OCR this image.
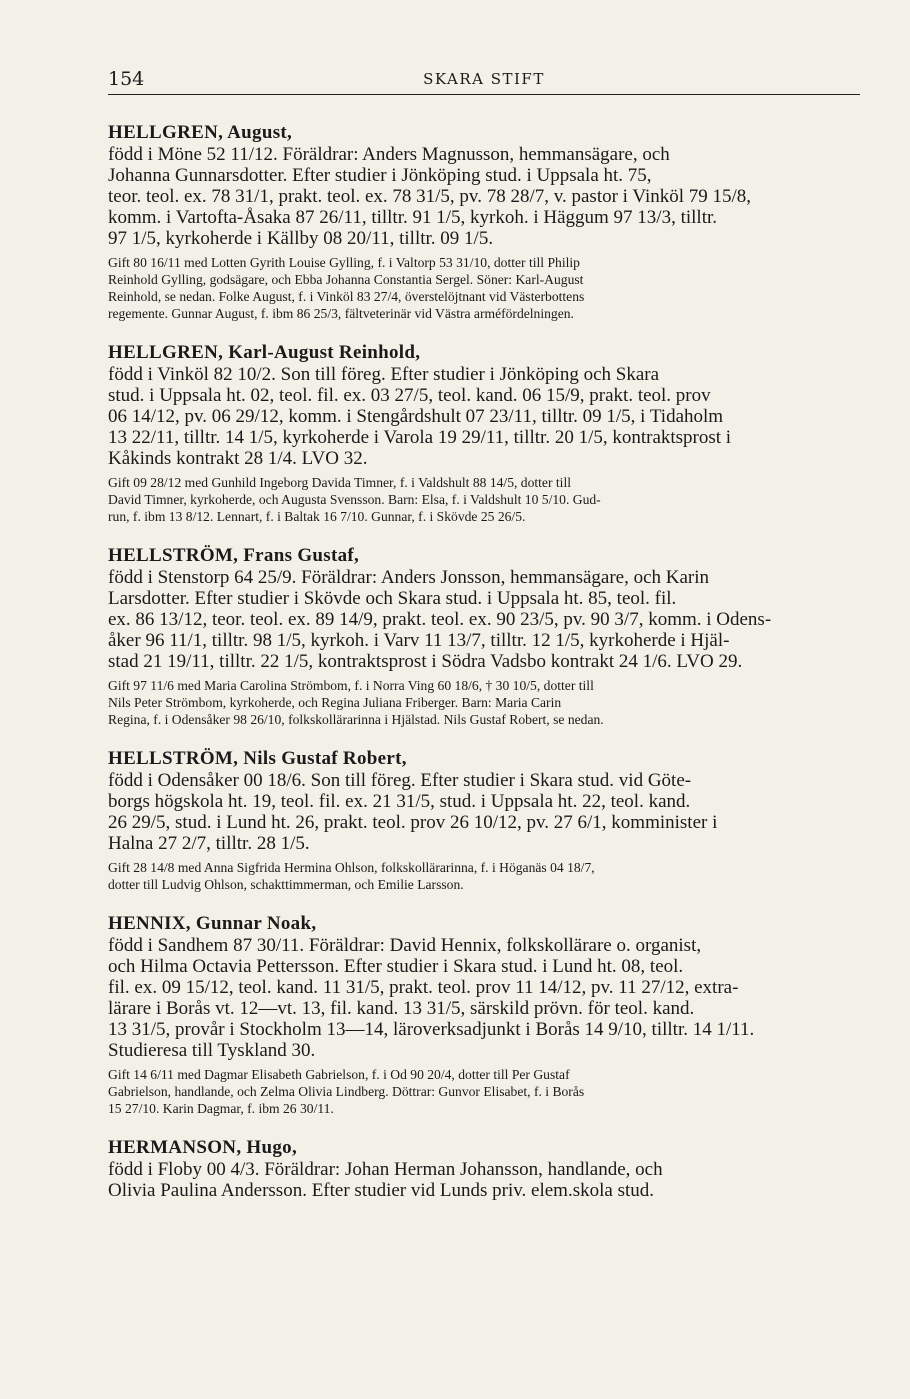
154	SKARA STIFT
HELLGREN, August,

född i Möne 52 11/12. Föräldrar: Anders Magnusson, hemmansägare, och

Johanna Gunnarsdotter. Efter studier i Jönköping stud. i Uppsala ht. 75,

teor. teol. ex. 78 31/1, prakt. teol. ex. 78 31/5, pv. 78 28/7, v. pastor i Vinköl 79 15/8,

komm. i Vartofta-Åsaka 87 26/11, tilltr. 91 1/5, kyrkoh. i Häggum 97 13/3, tilltr.

97 1/5, kyrkoherde i Källby 08 20/11, tilltr. 09 1/5.

Gift 80 16/11 med Lotten Gyrith Louise Gylling, f. i Valtorp 53 31/10, dotter till Philip

Reinhold Gylling, godsägare, och Ebba Johanna Constantia Sergel. Söner: Karl-August

Reinhold, se nedan. Folke August, f. i Vinköl 83 27/4, överstelöjtnant vid Västerbottens

regemente. Gunnar August, f. ibm 86 25/3, fältveterinär vid Västra arméfördelningen.

HELLGREN, Karl-August Reinhold,

född i Vinköl 82 10/2. Son till föreg. Efter studier i Jönköping och Skara

stud. i Uppsala ht. 02, teol. fil. ex. 03 27/5, teol. kand. 06 15/9, prakt. teol. prov

06 14/12, pv. 06 29/12, komm. i Stengårdshult 07 23/11, tilltr. 09 1/5, i Tidaholm

13 22/11, tilltr. 14 1/5, kyrkoherde i Varola 19 29/11, tilltr. 20 1/5, kontraktsprost i

Kåkinds kontrakt 28 1/4. LVO 32.

Gift 09 28/12 med Gunhild Ingeborg Davida Timner, f. i Valdshult 88 14/5, dotter till

David Timner, kyrkoherde, och Augusta Svensson. Barn: Elsa, f. i Valdshult 10 5/10. Gud-

run, f. ibm 13 8/12. Lennart, f. i Baltak 16 7/10. Gunnar, f. i Skövde 25 26/5.

HELLSTRÖM, Frans Gustaf,

född i Stenstorp 64 25/9. Föräldrar: Anders Jonsson, hemmansägare, och Karin

Larsdotter. Efter studier i Skövde och Skara stud. i Uppsala ht. 85, teol. fil.

ex. 86 13/12, teor. teol. ex. 89 14/9, prakt. teol. ex. 90 23/5, pv. 90 3/7, komm. i Odens-

åker 96 11/1, tilltr. 98 1/5, kyrkoh. i Varv 11 13/7, tilltr. 12 1/5, kyrkoherde i Hjäl-

stad 21 19/11, tilltr. 22 1/5, kontraktsprost i Södra Vadsbo kontrakt 24 1/6. LVO 29.

Gift 97 11/6 med Maria Carolina Strömbom, f. i Norra Ving 60 18/6, † 30 10/5, dotter till

Nils Peter Strömbom, kyrkoherde, och Regina Juliana Friberger. Barn: Maria Carin

Regina, f. i Odensåker 98 26/10, folkskollärarinna i Hjälstad. Nils Gustaf Robert, se nedan.

HELLSTRÖM, Nils Gustaf Robert,

född i Odensåker 00 18/6. Son till föreg. Efter studier i Skara stud. vid Göte-

borgs högskola ht. 19, teol. fil. ex. 21 31/5, stud. i Uppsala ht. 22, teol. kand.

26 29/5, stud. i Lund ht. 26, prakt. teol. prov 26 10/12, pv. 27 6/1, komminister i

Halna 27 2/7, tilltr. 28 1/5.

Gift 28 14/8 med Anna Sigfrida Hermina Ohlson, folkskollärarinna, f. i Höganäs 04 18/7,

dotter till Ludvig Ohlson, schakttimmerman, och Emilie Larsson.

HENNIX, Gunnar Noak,

född i Sandhem 87 30/11. Föräldrar: David Hennix, folkskollärare o. organist,

och Hilma Octavia Pettersson. Efter studier i Skara stud. i Lund ht. 08, teol.

fil. ex. 09 15/12, teol. kand. 11 31/5, prakt. teol. prov 11 14/12, pv. 11 27/12, extra-

lärare i Borås vt. 12—vt. 13, fil. kand. 13 31/5, särskild prövn. för teol. kand.

13 31/5, provår i Stockholm 13—14, läroverksadjunkt i Borås 14 9/10, tilltr. 14 1/11.

Studieresa till Tyskland 30.

Gift 14 6/11 med Dagmar Elisabeth Gabrielson, f. i Od 90 20/4, dotter till Per Gustaf

Gabrielson, handlande, och Zelma Olivia Lindberg. Döttrar: Gunvor Elisabet, f. i Borås

15 27/10. Karin Dagmar, f. ibm 26 30/11.

HERMANSON, Hugo,

född i Floby 00 4/3. Föräldrar: Johan Herman Johansson, handlande, och

Olivia Paulina Andersson. Efter studier vid Lunds priv. elem.skola stud.
